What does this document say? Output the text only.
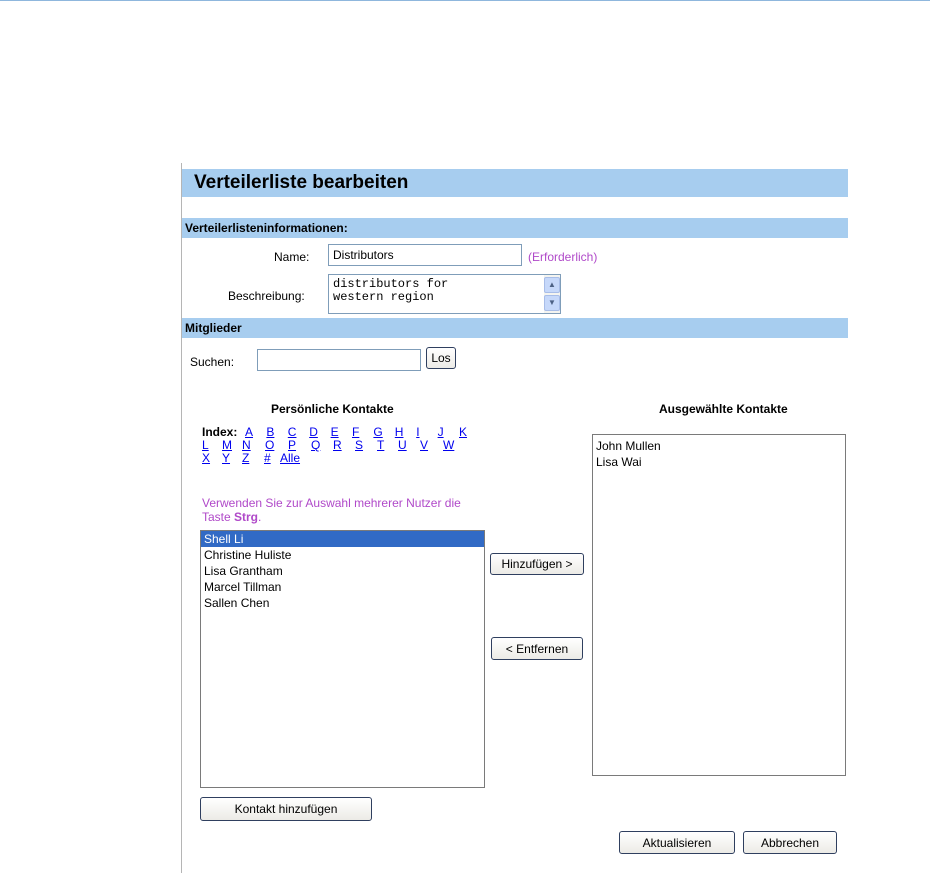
Verteilerliste bearbeiten
Verteilerlisteninformationen:
Name:
Distributors	(Erforderlich)
Beschreibung:
distributors for western region
▲
▼
Mitglieder
Suchen:	Los
Persönliche Kontakte	Ausgewählte Kontakte
Index: A B C D E F G H I J K
L M N O P Q R S T U V W
X Y Z # Alle
Verwenden Sie zur Auswahl mehrerer Nutzer die Taste Strg.
Shell Li
Christine Huliste
Lisa Grantham
Marcel Tillman
Sallen Chen
Hinzufügen >
< Entfernen
John Mullen
Lisa Wai
Kontakt hinzufügen
Aktualisieren	Abbrechen
